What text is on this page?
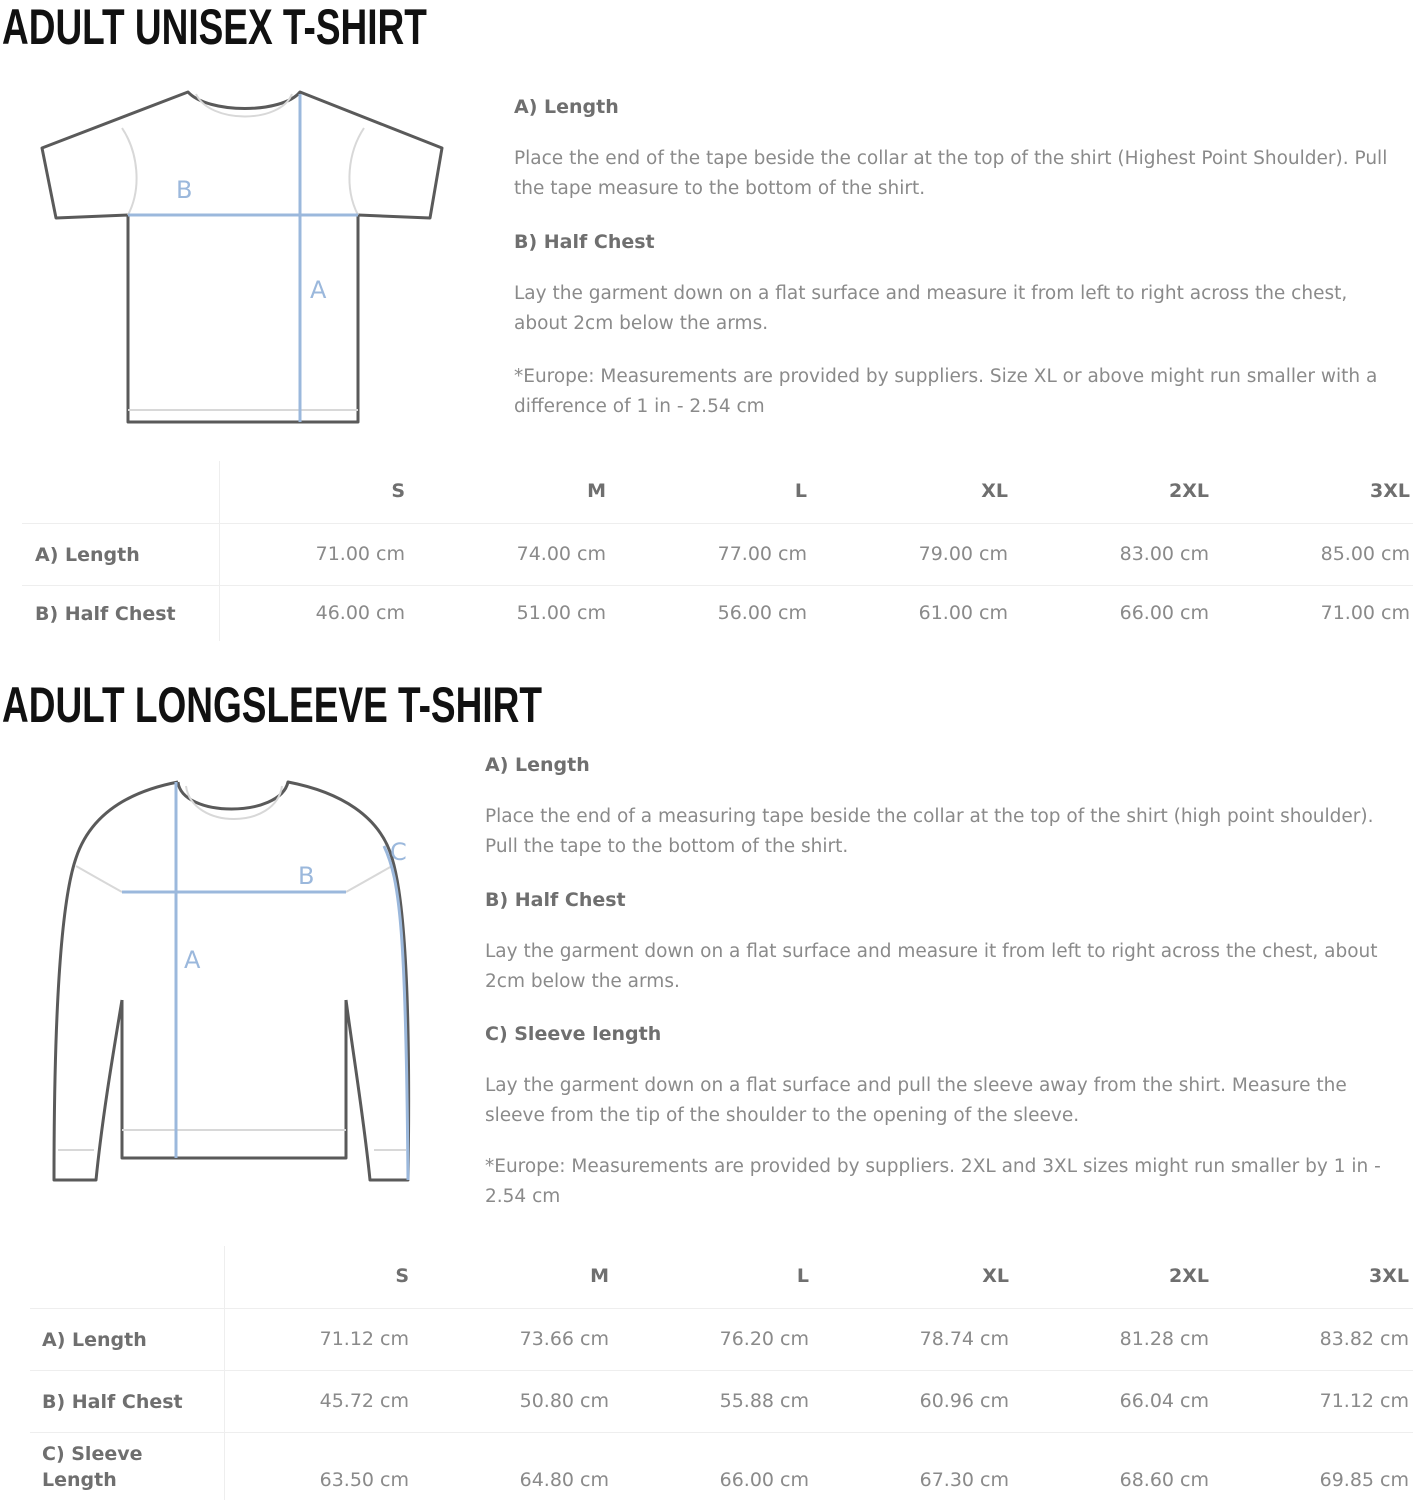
ADULT UNISEX T-SHIRT
B
A
A) Length
Place the end of the tape beside the collar at the top of the shirt (Highest Point Shoulder). Pull
the tape measure to the bottom of the shirt.
B) Half Chest
Lay the garment down on a flat surface and measure it from left to right across the chest,
about 2cm below the arms.
*Europe: Measurements are provided by suppliers. Size XL or above might run smaller with a
difference of 1 in - 2.54 cm
S	M	L	XL	2XL	3XL
A) Length	71.00 cm	74.00 cm	77.00 cm	79.00 cm	83.00 cm	85.00 cm
B) Half Chest	46.00 cm	51.00 cm	56.00 cm	61.00 cm	66.00 cm	71.00 cm
ADULT LONGSLEEVE T-SHIRT
B
A
C
A) Length
Place the end of a measuring tape beside the collar at the top of the shirt (high point shoulder).
Pull the tape to the bottom of the shirt.
B) Half Chest
Lay the garment down on a flat surface and measure it from left to right across the chest, about
2cm below the arms.
C) Sleeve length
Lay the garment down on a flat surface and pull the sleeve away from the shirt. Measure the
sleeve from the tip of the shoulder to the opening of the sleeve.
*Europe: Measurements are provided by suppliers. 2XL and 3XL sizes might run smaller by 1 in -
2.54 cm
S	M	L	XL	2XL	3XL
A) Length	71.12 cm	73.66 cm	76.20 cm	78.74 cm	81.28 cm	83.82 cm
B) Half Chest	45.72 cm	50.80 cm	55.88 cm	60.96 cm	66.04 cm	71.12 cm
C) Sleeve
Length	63.50 cm	64.80 cm	66.00 cm	67.30 cm	68.60 cm	69.85 cm
